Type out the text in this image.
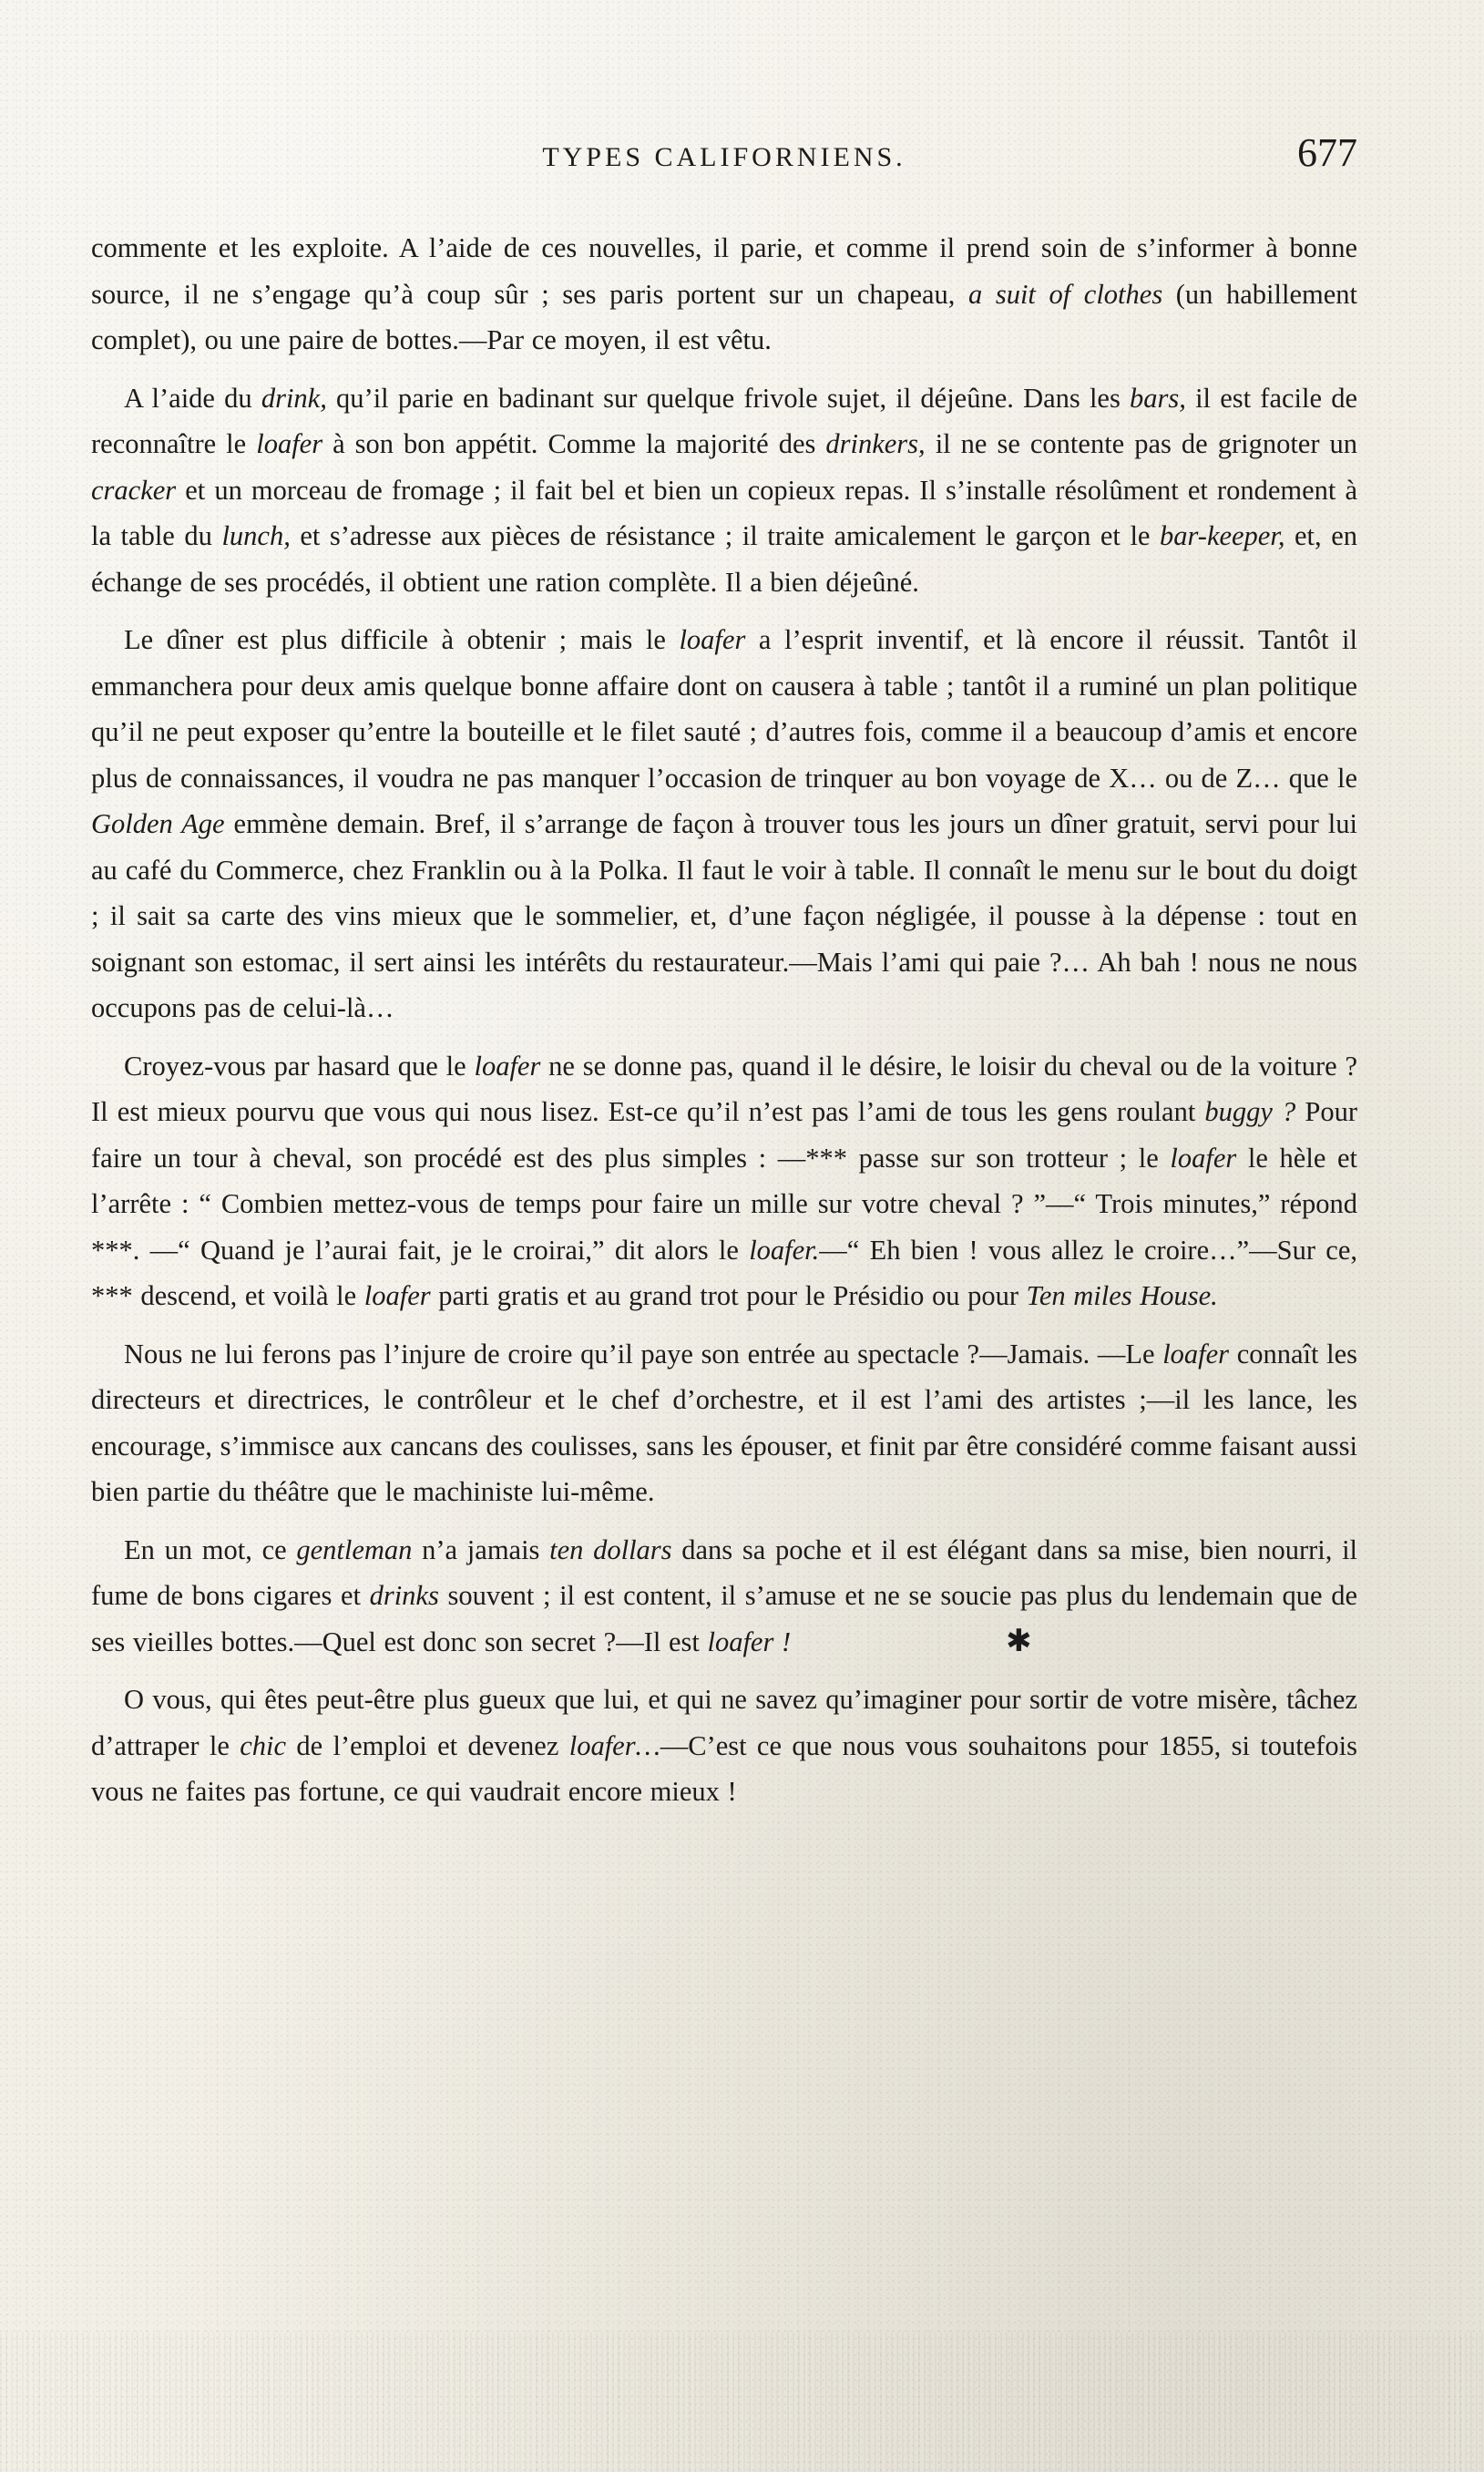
TYPES CALIFORNIENS.	677

commente et les exploite. A l’aide de ces nouvelles, il parie, et comme il prend soin de s’informer à bonne source, il ne s’engage qu’à coup sûr ; ses paris portent sur un chapeau, a suit of clothes (un habillement complet), ou une paire de bottes.—Par ce moyen, il est vêtu.

A l’aide du drink, qu’il parie en badinant sur quelque frivole sujet, il déjeûne. Dans les bars, il est facile de reconnaître le loafer à son bon appétit. Comme la majorité des drinkers, il ne se contente pas de grignoter un cracker et un morceau de fromage ; il fait bel et bien un copieux repas. Il s’installe résolûment et rondement à la table du lunch, et s’adresse aux pièces de résistance ; il traite amicalement le garçon et le bar-keeper, et, en échange de ses procédés, il obtient une ration complète. Il a bien déjeûné.

Le dîner est plus difficile à obtenir ; mais le loafer a l’esprit inventif, et là encore il réussit. Tantôt il emmanchera pour deux amis quelque bonne affaire dont on causera à table ; tantôt il a ruminé un plan politique qu’il ne peut exposer qu’entre la bouteille et le filet sauté ; d’autres fois, comme il a beaucoup d’amis et encore plus de connaissances, il voudra ne pas manquer l’occasion de trinquer au bon voyage de X… ou de Z… que le Golden Age emmène demain. Bref, il s’arrange de façon à trouver tous les jours un dîner gratuit, servi pour lui au café du Commerce, chez Franklin ou à la Polka. Il faut le voir à table. Il connaît le menu sur le bout du doigt ; il sait sa carte des vins mieux que le sommelier, et, d’une façon négligée, il pousse à la dépense : tout en soignant son estomac, il sert ainsi les intérêts du restaurateur.—Mais l’ami qui paie ?… Ah bah ! nous ne nous occupons pas de celui-là…

Croyez-vous par hasard que le loafer ne se donne pas, quand il le désire, le loisir du cheval ou de la voiture ? Il est mieux pourvu que vous qui nous lisez. Est-ce qu’il n’est pas l’ami de tous les gens roulant buggy ? Pour faire un tour à cheval, son procédé est des plus simples : —*** passe sur son trotteur ; le loafer le hèle et l’arrête : “ Combien mettez-vous de temps pour faire un mille sur votre cheval ? ”—“ Trois minutes,” répond ***. —“ Quand je l’aurai fait, je le croirai,” dit alors le loafer.—“ Eh bien ! vous allez le croire…”—Sur ce, *** descend, et voilà le loafer parti gratis et au grand trot pour le Présidio ou pour Ten miles House.

Nous ne lui ferons pas l’injure de croire qu’il paye son entrée au spectacle ?—Jamais. —Le loafer connaît les directeurs et directrices, le contrôleur et le chef d’orchestre, et il est l’ami des artistes ;—il les lance, les encourage, s’immisce aux cancans des coulisses, sans les épouser, et finit par être considéré comme faisant aussi bien partie du théâtre que le machiniste lui-même.

En un mot, ce gentleman n’a jamais ten dollars dans sa poche et il est élégant dans sa mise, bien nourri, il fume de bons cigares et drinks souvent ; il est content, il s’amuse et ne se soucie pas plus du lendemain que de ses vieilles bottes.—Quel est donc son secret ?—Il est loafer !	✱

O vous, qui êtes peut-être plus gueux que lui, et qui ne savez qu’imaginer pour sortir de votre misère, tâchez d’attraper le chic de l’emploi et devenez loafer…—C’est ce que nous vous souhaitons pour 1855, si toutefois vous ne faites pas fortune, ce qui vaudrait encore mieux !
